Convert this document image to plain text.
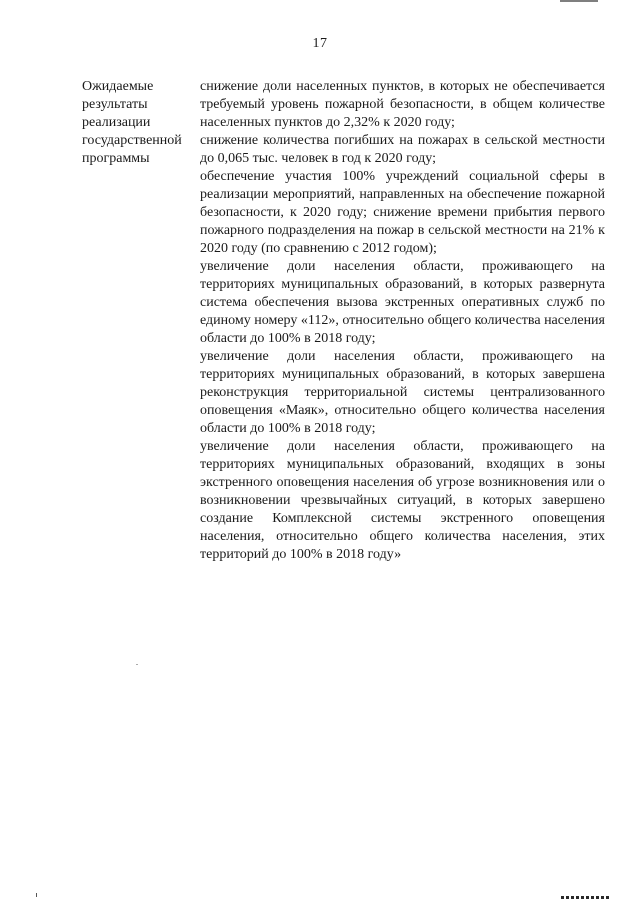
17
Ожидаемые
результаты
реализации
государственной
программы

снижение доли населенных пунктов, в которых не обеспечивается требуемый уровень пожарной безопасности, в общем количестве населенных пунктов до 2,32% к 2020 году;

снижение количества погибших на пожарах в сельской местности до 0,065 тыс. человек в год к 2020 году;

обеспечение участия 100% учреждений социальной сферы в реализации мероприятий, направленных на обеспечение пожарной безопасности, к 2020 году; снижение времени прибытия первого пожарного подразделения на пожар в сельской местности на 21% к 2020 году (по сравнению с 2012 годом);

увеличение доли населения области, проживающего на территориях муниципальных образований, в которых развернута система обеспечения вызова экстренных оперативных служб по единому номеру «112», относительно общего количества населения области до 100% в 2018 году;

увеличение доли населения области, проживающего на территориях муниципальных образований, в которых завершена реконструкция территориальной системы централизованного оповещения «Маяк», относительно общего количества населения области до 100% в 2018 году;

увеличение доли населения области, проживающего на территориях муниципальных образований, входящих в зоны экстренного оповещения населения об угрозе возникновения или о возникновении чрезвычайных ситуаций, в которых завершено создание Комплексной системы экстренного оповещения населения, относительно общего количества населения, этих территорий до 100% в 2018 году»
